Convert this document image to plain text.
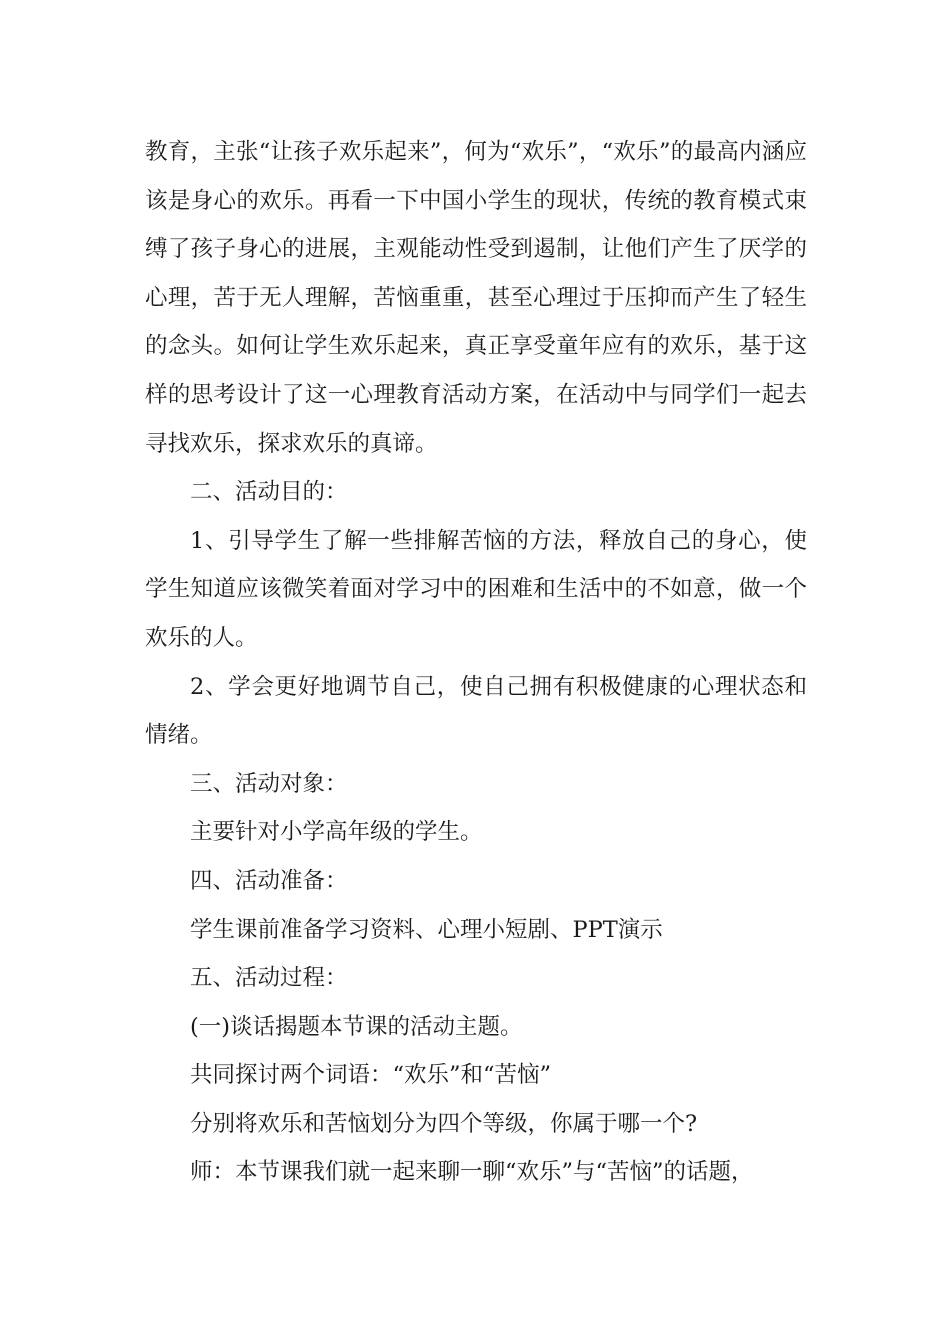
教育，主张“让孩子欢乐起来”，何为“欢乐”，“欢乐”的最高内涵应该是身心的欢乐。再看一下中国小学生的现状，传统的教育模式束缚了孩子身心的进展，主观能动性受到遏制，让他们产生了厌学的心理，苦于无人理解，苦恼重重，甚至心理过于压抑而产生了轻生的念头。如何让学生欢乐起来，真正享受童年应有的欢乐，基于这样的思考设计了这一心理教育活动方案，在活动中与同学们一起去寻找欢乐，探求欢乐的真谛。

二、活动目的：

1、引导学生了解一些排解苦恼的方法，释放自己的身心，使学生知道应该微笑着面对学习中的困难和生活中的不如意，做一个欢乐的人。

2、学会更好地调节自己，使自己拥有积极健康的心理状态和情绪。

三、活动对象：

主要针对小学高年级的学生。

四、活动准备：

学生课前准备学习资料、心理小短剧、PPT演示

五、活动过程：

(一)谈话揭题本节课的活动主题。

共同探讨两个词语：“欢乐”和“苦恼”

分别将欢乐和苦恼划分为四个等级，你属于哪一个?

师：本节课我们就一起来聊一聊“欢乐”与“苦恼”的话题，
